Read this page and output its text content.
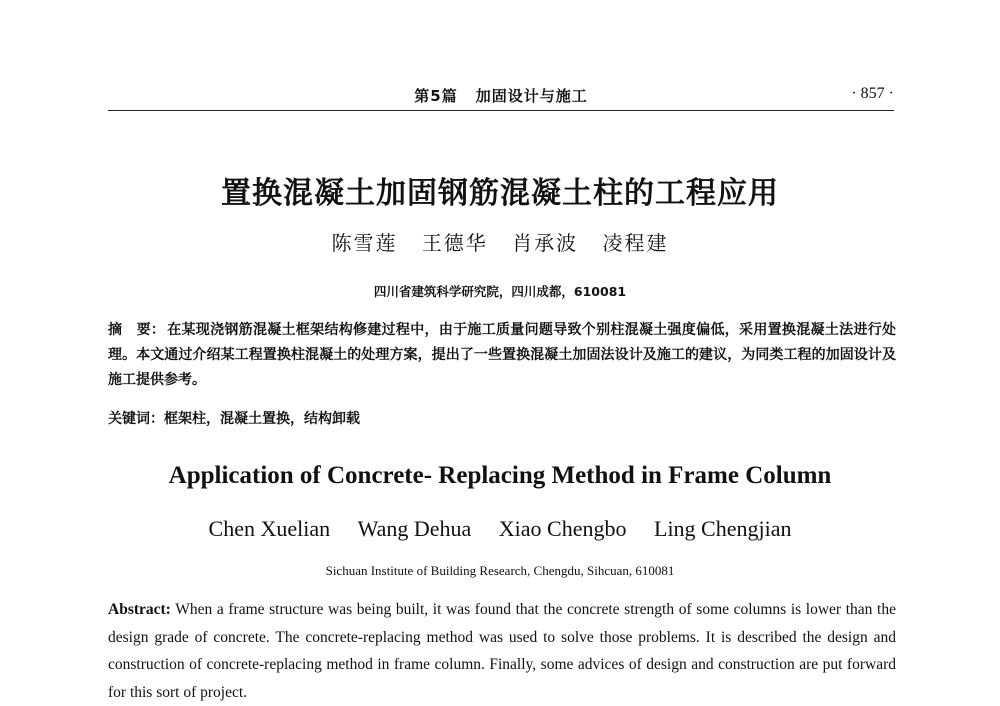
第5篇 加固设计与施工	· 857 ·
置换混凝土加固钢筋混凝土柱的工程应用
陈雪莲 王德华 肖承波 凌程建
四川省建筑科学研究院，四川成都，610081
摘　要： 在某现浇钢筋混凝土框架结构修建过程中，由于施工质量问题导致个别柱混凝土强度偏低，采用置换混凝土法进行处理。本文通过介绍某工程置换柱混凝土的处理方案，提出了一些置换混凝土加固法设计及施工的建议，为同类工程的加固设计及施工提供参考。
关键词：框架柱，混凝土置换，结构卸载
Application of Concrete- Replacing Method in Frame Column
Chen Xuelian Wang Dehua Xiao Chengbo Ling Chengjian
Sichuan Institute of Building Research, Chengdu, Sihcuan, 610081
Abstract: When a frame structure was being built, it was found that the concrete strength of some columns is lower than the design grade of concrete. The concrete-replacing method was used to solve those problems. It is described the design and construction of concrete-replacing method in frame column. Finally, some advices of design and construction are put forward for this sort of project.
